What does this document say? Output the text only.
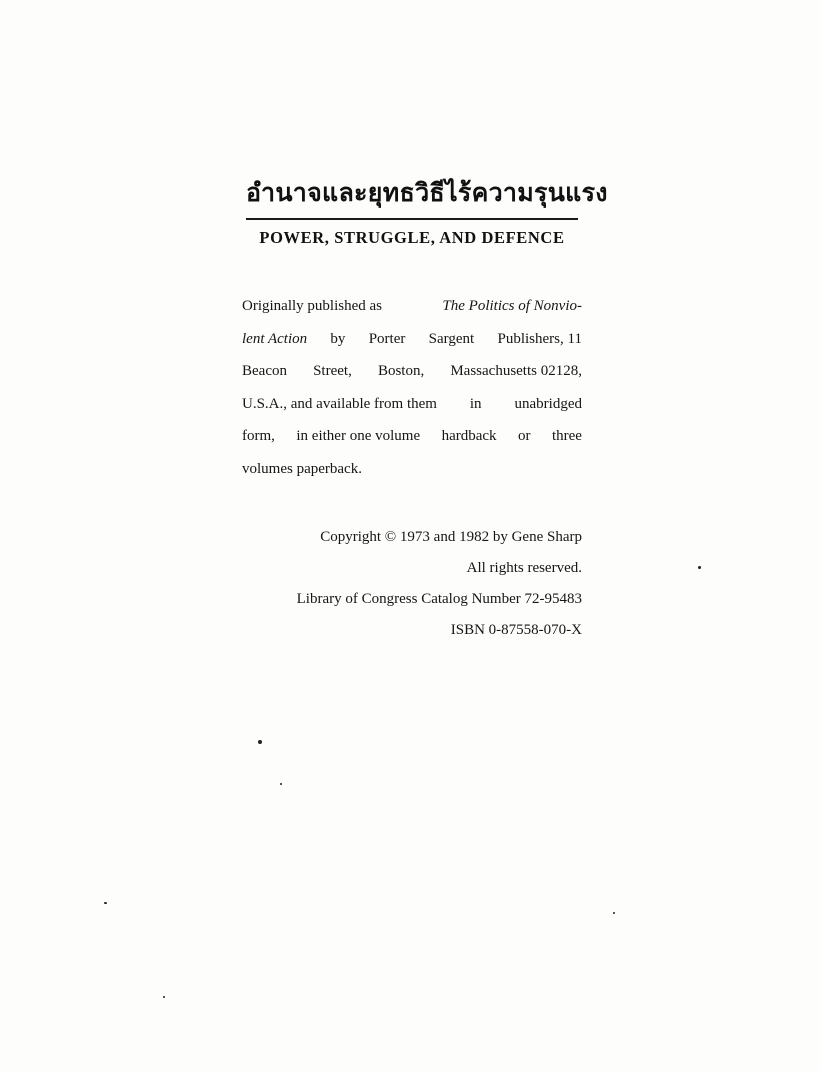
อำนาจและยุทธวิธีไร้ความรุนแรง
POWER, STRUGGLE, AND DEFENCE
Originally published as	The Politics of Nonvio-
lent Action by Porter Sargent Publishers, 11
Beacon Street, Boston, Massachusetts 02128,
U.S.A., and available from them in unabridged
form, in either one volume hardback or three
volumes paperback.
Copyright © 1973 and 1982 by Gene Sharp
All rights reserved.
Library of Congress Catalog Number 72-95483
ISBN 0-87558-070-X
